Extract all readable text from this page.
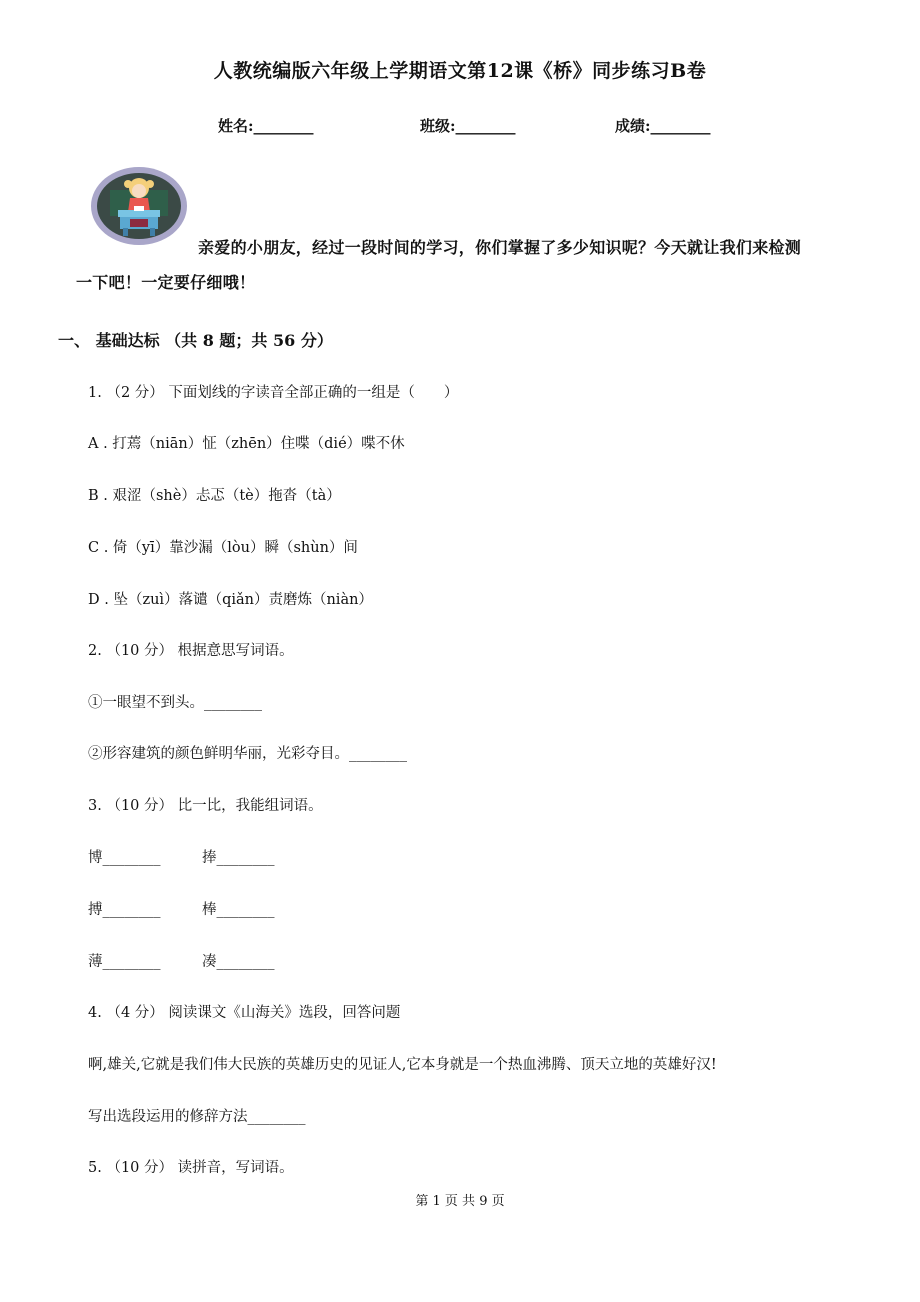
人教统编版六年级上学期语文第12课《桥》同步练习B卷
姓名:________	班级:________	成绩:________
亲爱的小朋友，经过一段时间的学习，你们掌握了多少知识呢？今天就让我们来检测
一下吧！一定要仔细哦！
一、 基础达标 （共 8 题；共 56 分）
1. （2 分） 下面划线的字读音全部正确的一组是（　　）
A . 打蔫（niān）怔（zhēn）住喋（dié）喋不休
B . 艰涩（shè）忐忑（tè）拖沓（tà）
C . 倚（yī）靠沙漏（lòu）瞬（shùn）间
D . 坠（zuì）落谴（qiǎn）责磨炼（niàn）
2. （10 分） 根据意思写词语。
①一眼望不到头。________
②形容建筑的颜色鲜明华丽，光彩夺目。________
3. （10 分） 比一比，我能组词语。
博________	捧________
搏________	棒________
薄________	凑________
4. （4 分） 阅读课文《山海关》选段，回答问题
啊,雄关,它就是我们伟大民族的英雄历史的见证人,它本身就是一个热血沸腾、顶天立地的英雄好汉!
写出选段运用的修辞方法________
5. （10 分） 读拼音，写词语。
第 1 页 共 9 页
